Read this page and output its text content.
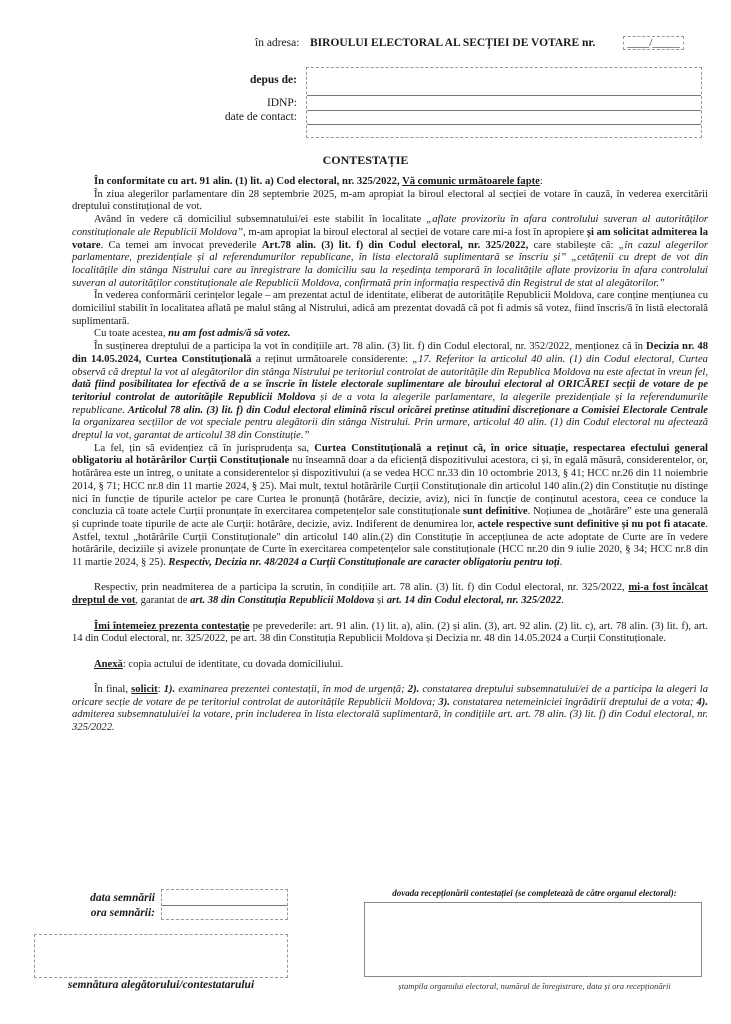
în adresa: BIROULUI ELECTORAL AL SECȚIEI DE VOTARE nr.	____/_____
depus de:
IDNP:
date de contact:
CONTESTAȚIE

În conformitate cu art. 91 alin. (1) lit. a) Cod electoral, nr. 325/2022, Vă comunic următoarele fapte:

În ziua alegerilor parlamentare din 28 septembrie 2025, m-am apropiat la biroul electoral al secției de votare în cauză, în vederea exercitării dreptului constituțional de vot.

Având în vedere că domiciliul subsemnatului/ei este stabilit în localitate „aflate provizoriu în afara controlului suveran al autorităților constituționale ale Republicii Moldova”, m-am apropiat la biroul electoral al secției de votare care mi-a fost în apropiere și am solicitat admiterea la votare. Ca temei am invocat prevederile Art.78 alin. (3) lit. f) din Codul electoral, nr. 325/2022, care stabilește că: „în cazul alegerilor parlamentare, prezidențiale și al referendumurilor republicane, în lista electorală suplimentară se înscriu și” „cetățenii cu drept de vot din localitățile din stânga Nistrului care au înregistrare la domiciliu sau la reședința temporară în localitățile aflate provizoriu în afara controlului suveran al autorităților constituționale ale Republicii Moldova, confirmată prin informația respectivă din Registrul de stat al alegătorilor.”

În vederea conformării cerințelor legale – am prezentat actul de identitate, eliberat de autoritățile Republicii Moldova, care conține mențiunea cu domiciliul stabilit în localitatea aflată pe malul stâng al Nistrului, adică am prezentat dovadă că pot fi admis să votez, fiind înscris/ă în listă electorală suplimentară.

Cu toate acestea, nu am fost admis/ă să votez.

În susținerea dreptului de a participa la vot în condițiile art. 78 alin. (3) lit. f) din Codul electoral, nr. 352/2022, menționez că în Decizia nr. 48 din 14.05.2024, Curtea Constituțională a reținut următoarele considerente: „17. Referitor la articolul 40 alin. (1) din Codul electoral, Curtea observă că dreptul la vot al alegătorilor din stânga Nistrului pe teritoriul controlat de autoritățile din Republica Moldova nu este afectat în vreun fel, dată fiind posibilitatea lor efectivă de a se înscrie în listele electorale suplimentare ale biroului electoral al ORICĂREI secții de votare de pe teritoriul controlat de autoritățile Republicii Moldova și de a vota la alegerile parlamentare, la alegerile prezidențiale și la referendumurile republicane. Articolul 78 alin. (3) lit. f) din Codul electoral elimină riscul oricărei pretinse atitudini discreționare a Comisiei Electorale Centrale la organizarea secțiilor de vot speciale pentru alegătorii din stânga Nistrului. Prin urmare, articolul 40 alin. (1) din Codul electoral nu afectează dreptul la vot, garantat de articolul 38 din Constituție.”

La fel, țin să evidențiez că în jurisprudența sa, Curtea Constituțională a reținut că, în orice situație, respectarea efectului general obligatoriu al hotărârilor Curții Constituționale nu înseamnă doar a da eficiență dispozitivului acestora, ci și, în egală măsură, considerentelor, or, hotărârea este un întreg, o unitate a considerentelor și dispozitivului (a se vedea HCC nr.33 din 10 octombrie 2013, § 41; HCC nr.26 din 11 noiembrie 2014, § 71; HCC nr.8 din 11 martie 2024, § 25). Mai mult, textul hotărârile Curții Constituționale din articolul 140 alin.(2) din Constituție nu distinge nici în funcție de tipurile actelor pe care Curtea le pronunță (hotărâre, decizie, aviz), nici în funcție de conținutul acestora, ceea ce conduce la concluzia că toate actele Curții pronunțate în exercitarea competențelor sale constituționale sunt definitive. Noțiunea de „hotărâre” este una generală și cuprinde toate tipurile de acte ale Curții: hotărâre, decizie, aviz. Indiferent de denumirea lor, actele respective sunt definitive și nu pot fi atacate. Astfel, textul „hotărârile Curții Constituționale" din articolul 140 alin.(2) din Constituție în accepțiunea de acte adoptate de Curte are în vedere hotărârile, deciziile și avizele pronunțate de Curte în exercitarea competențelor sale constituționale (HCC nr.20 din 9 iulie 2020, § 34; HCC nr.8 din 11 martie 2024, § 25). Respectiv, Decizia nr. 48/2024 a Curții Constituționale are caracter obligatoriu pentru toți.

Respectiv, prin neadmiterea de a participa la scrutin, în condițiile art. 78 alin. (3) lit. f) din Codul electoral, nr. 325/2022, mi-a fost încălcat dreptul de vot, garantat de art. 38 din Constituția Republicii Moldova și art. 14 din Codul electoral, nr. 325/2022.

Îmi întemeiez prezenta contestație pe prevederile: art. 91 alin. (1) lit. a), alin. (2) și alin. (3), art. 92 alin. (2) lit. c), art. 78 alin. (3) lit. f), art. 14 din Codul electoral, nr. 325/2022, pe art. 38 din Constituția Republicii Moldova și Decizia nr. 48 din 14.05.2024 a Curții Constituționale.

Anexă: copia actului de identitate, cu dovada domiciliului.

În final, solicit: 1). examinarea prezentei contestații, în mod de urgență; 2). constatarea dreptului subsemnatului/ei de a participa la alegeri la oricare secție de votare de pe teritoriul controlat de autoritățile Republicii Moldova; 3). constatarea netemeiniciei îngrădirii dreptului de a vota; 4). admiterea subsemnatului/ei la votare, prin includerea în lista electorală suplimentară, în condițiile art. art. 78 alin. (3) lit. f) din Codul electoral, nr. 325/2022.

data semnării
ora semnării:
semnătura alegătorului/contestatarului
dovada recepționării contestației (se completează de către organul electoral):
ștampila organului electoral, numărul de înregistrare, data și ora recepționării
